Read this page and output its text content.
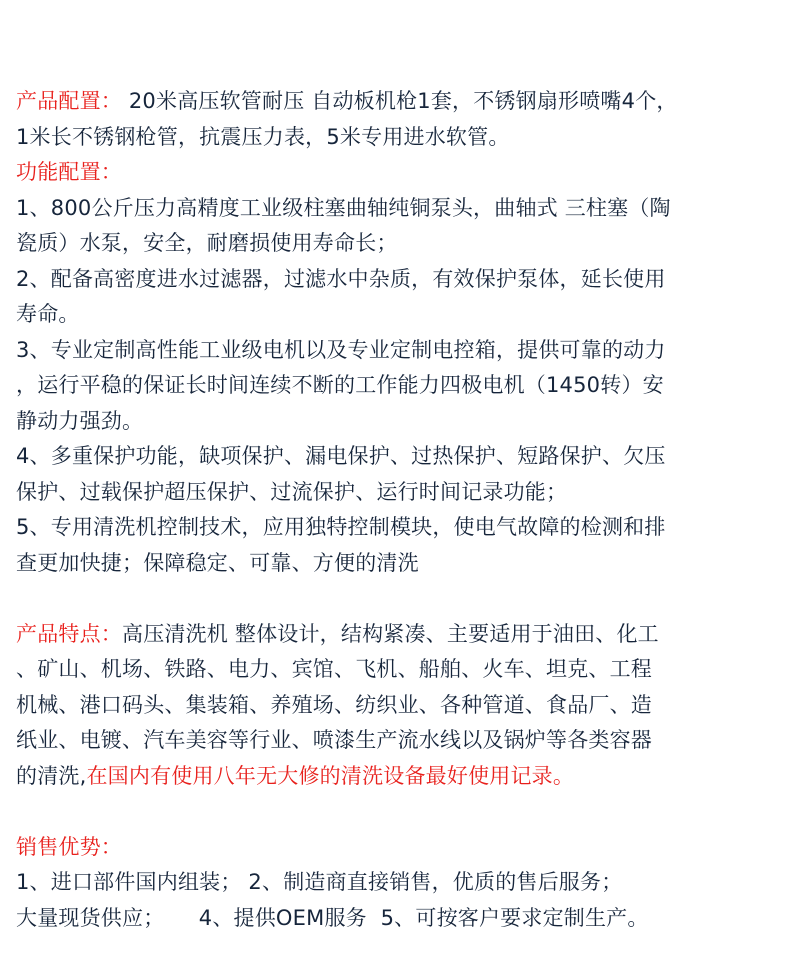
产品配置： 20米高压软管耐压 自动板机枪1套，不锈钢扇形喷嘴4个，
1米长不锈钢枪管，抗震压力表，5米专用进水软管。
功能配置：
1、800公斤压力高精度工业级柱塞曲轴纯铜泵头，曲轴式 三柱塞（陶
瓷质）水泵，安全，耐磨损使用寿命长；
2、配备高密度进水过滤器，过滤水中杂质，有效保护泵体，延长使用
寿命。
3、专业定制高性能工业级电机以及专业定制电控箱，提供可靠的动力
，运行平稳的保证长时间连续不断的工作能力四极电机（1450转）安
静动力强劲。
4、多重保护功能，缺项保护、漏电保护、过热保护、短路保护、欠压
保护、过载保护超压保护、过流保护、运行时间记录功能；
5、专用清洗机控制技术，应用独特控制模块，使电气故障的检测和排
查更加快捷；保障稳定、可靠、方便的清洗
产品特点：高压清洗机 整体设计，结构紧凑、主要适用于油田、化工
、矿山、机场、铁路、电力、宾馆、飞机、船舶、火车、坦克、工程
机械、港口码头、集装箱、养殖场、纺织业、各种管道、食品厂、造
纸业、电镀、汽车美容等行业、喷漆生产流水线以及锅炉等各类容器
的清洗,在国内有使用八年无大修的清洗设备最好使用记录。
销售优势：
1、进口部件国内组装； 2、制造商直接销售，优质的售后服务；
大量现货供应；     4、提供OEM服务  5、可按客户要求定制生产。
